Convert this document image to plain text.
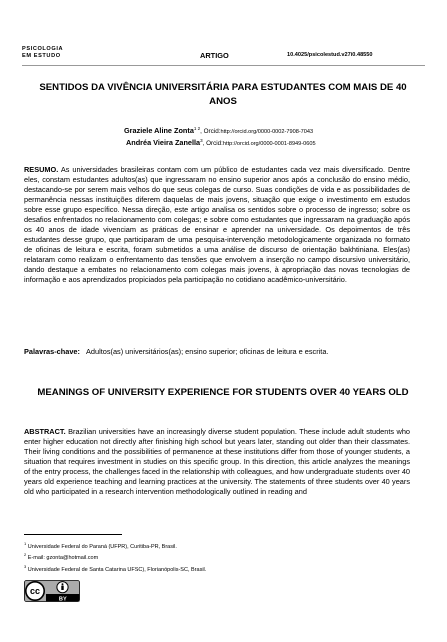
PSICOLOGIA
EM ESTUDO	ARTIGO	10.4025/psicolestud.v27i0.48550
SENTIDOS DA VIVÊNCIA UNIVERSITÁRIA PARA ESTUDANTES COM MAIS DE 40 ANOS
Graziele Aline Zonta$^{1 2}$, Orcid:http://orcid.org/0000-0002-7908-7043
Andréa Vieira Zanella$^3$, Orcid:http://orcid.org/0000-0001-8949-0605

RESUMO. As universidades brasileiras contam com um público de estudantes cada vez mais diversificado. Dentre eles, constam estudantes adultos(as) que ingressaram no ensino superior anos após a conclusão do ensino médio, destacando-se por serem mais velhos do que seus colegas de curso. Suas condições de vida e as possibilidades de permanência nessas instituições diferem daquelas de mais jovens, situação que exige o investimento em estudos sobre esse grupo específico. Nessa direção, este artigo analisa os sentidos sobre o processo de ingresso; sobre os desafios enfrentados no relacionamento com colegas; e sobre como estudantes que ingressaram na graduação após os 40 anos de idade vivenciam as práticas de ensinar e aprender na universidade. Os depoimentos de três estudantes desse grupo, que participaram de uma pesquisa-intervenção metodologicamente organizada no formato de oficinas de leitura e escrita, foram submetidos a uma análise de discurso de orientação bakhtiniana. Eles(as) relataram como realizam o enfrentamento das tensões que envolvem a inserção no campo discursivo universitário, dando destaque a embates no relacionamento com colegas mais jovens, à apropriação das novas tecnologias de informação e aos aprendizados propiciados pela participação no cotidiano acadêmico-universitário.

Palavras-chave: Adultos(as) universitários(as); ensino superior; oficinas de leitura e escrita.
MEANINGS OF UNIVERSITY EXPERIENCE FOR STUDENTS OVER 40 YEARS OLD

ABSTRACT. Brazilian universities have an increasingly diverse student population. These include adult students who enter higher education not directly after finishing high school but years later, standing out older than their classmates. Their living conditions and the possibilities of permanence at these institutions differ from those of younger students, a situation that requires investment in studies on this specific group. In this direction, this article analyzes the meanings of the entry process, the challenges faced in the relationship with colleagues, and how undergraduate students over 40 years old experience teaching and learning practices at the university. The statements of three students over 40 years old who participated in a research intervention methodologically outlined in reading and

$^1$ Universidade Federal do Paraná (UFPR), Curitiba-PR, Brasil.
$^2$ E-mail: gzonta@hotmail.com
$^3$ Universidade Federal de Santa Catarina UFSC), Florianópolis-SC, Brasil.
cc
BY
